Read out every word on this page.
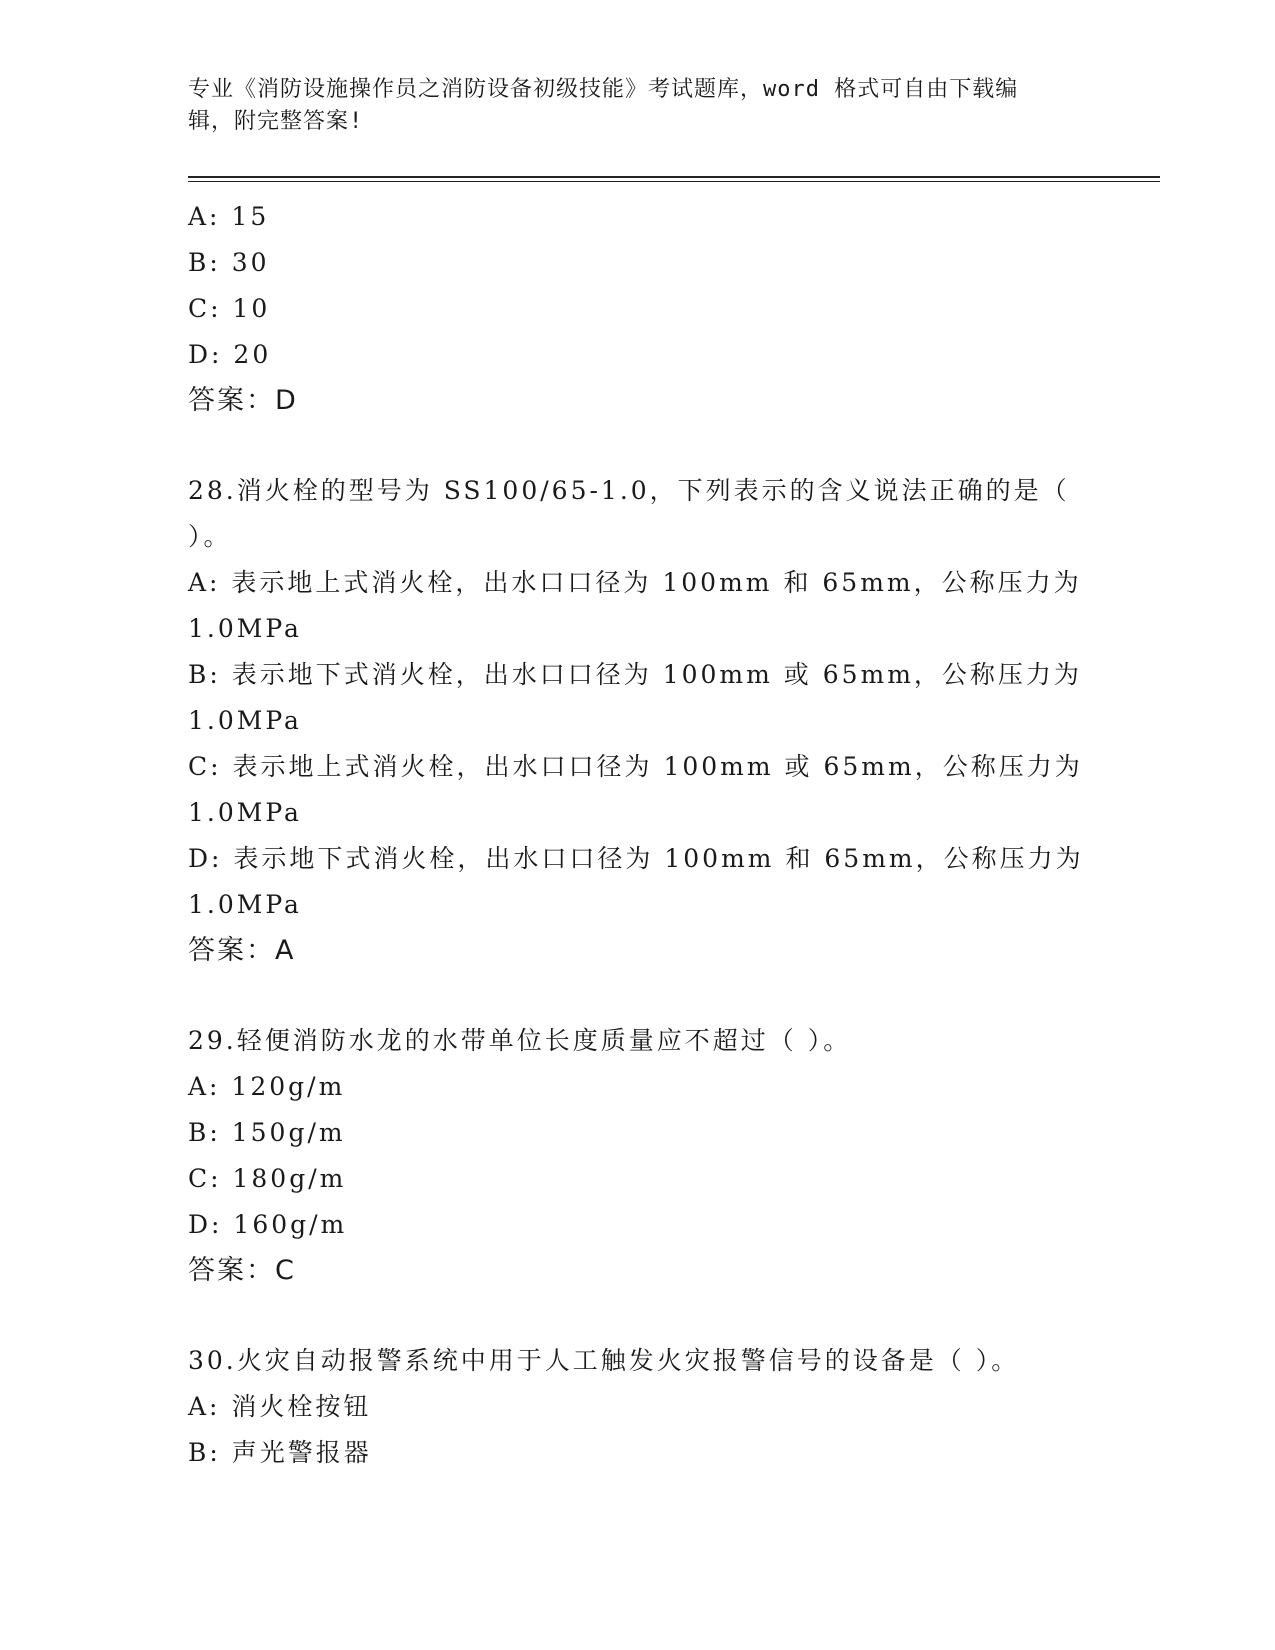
专业《消防设施操作员之消防设备初级技能》考试题库，word 格式可自由下载编
辑，附完整答案!
A: 15
B: 30
C: 10
D: 20
答案：D
28.消火栓的型号为 SS100/65-1.0，下列表示的含义说法正确的是（
）。
A: 表示地上式消火栓，出水口口径为 100mm 和 65mm，公称压力为
1.0MPa
B: 表示地下式消火栓，出水口口径为 100mm 或 65mm，公称压力为
1.0MPa
C: 表示地上式消火栓，出水口口径为 100mm 或 65mm，公称压力为
1.0MPa
D: 表示地下式消火栓，出水口口径为 100mm 和 65mm，公称压力为
1.0MPa
答案：A
29.轻便消防水龙的水带单位长度质量应不超过（ ）。
A: 120g/m
B: 150g/m
C: 180g/m
D: 160g/m
答案：C
30.火灾自动报警系统中用于人工触发火灾报警信号的设备是（ ）。
A: 消火栓按钮
B: 声光警报器
